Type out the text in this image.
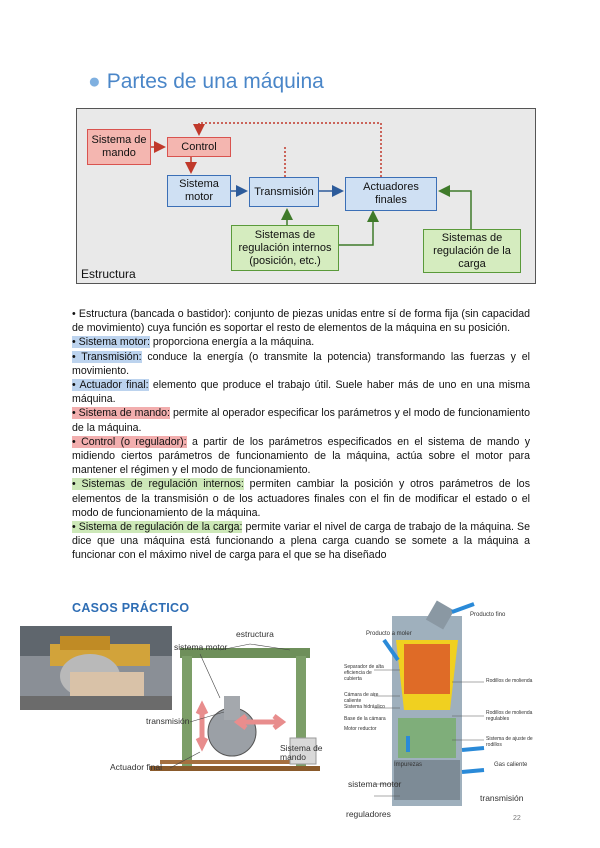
● Partes de una máquina
Sistema de mando
Control
Sistema motor	Transmisión	Actuadores finales
Sistemas de regulación internos (posición, etc.)
Sistemas de regulación de la carga
Estructura

• Estructura (bancada o bastidor): conjunto de piezas unidas entre sí de forma fija (sin capacidad de movimiento) cuya función es soportar el resto de elementos de la máquina en su posición.

• Sistema motor: proporciona energía a la máquina.

• Transmisión: conduce la energía (o transmite la potencia) transformando las fuerzas y el movimiento.

• Actuador final: elemento que produce el trabajo útil. Suele haber más de uno en una misma máquina.

• Sistema de mando: permite al operador especificar los parámetros y el modo de funcionamiento de la máquina.

• Control (o regulador): a partir de los parámetros especificados en el sistema de mando y midiendo ciertos parámetros de funcionamiento de la máquina, actúa sobre el motor para mantener el régimen y el modo de funcionamiento.

• Sistemas de regulación internos: permiten cambiar la posición y otros parámetros de los elementos de la transmisión o de los actuadores finales con el fin de modificar el estado o el modo de funcionamiento de la máquina.

• Sistema de regulación de la carga: permite variar el nivel de carga de trabajo de la máquina. Se dice que una máquina está funcionando a plena carga cuando se somete a la máquina a funcionar con el máximo nivel de carga para el que se ha diseñado

CASOS PRÁCTICO
estructura
sistema motor
transmisión
Sistema de mando
Actuador final
Producto fino
Producto a moler
Gas caliente
Impurezas
sistema motor
transmisión
reguladores
Separador de alta eficiencia de cubierta
Cámara de aire caliente
Sistema hidráulico
Rodillos de molienda
Rodillos de molienda regulables
Sistema de ajuste de rodillos
Base de la cámara
Motor reductor
22
